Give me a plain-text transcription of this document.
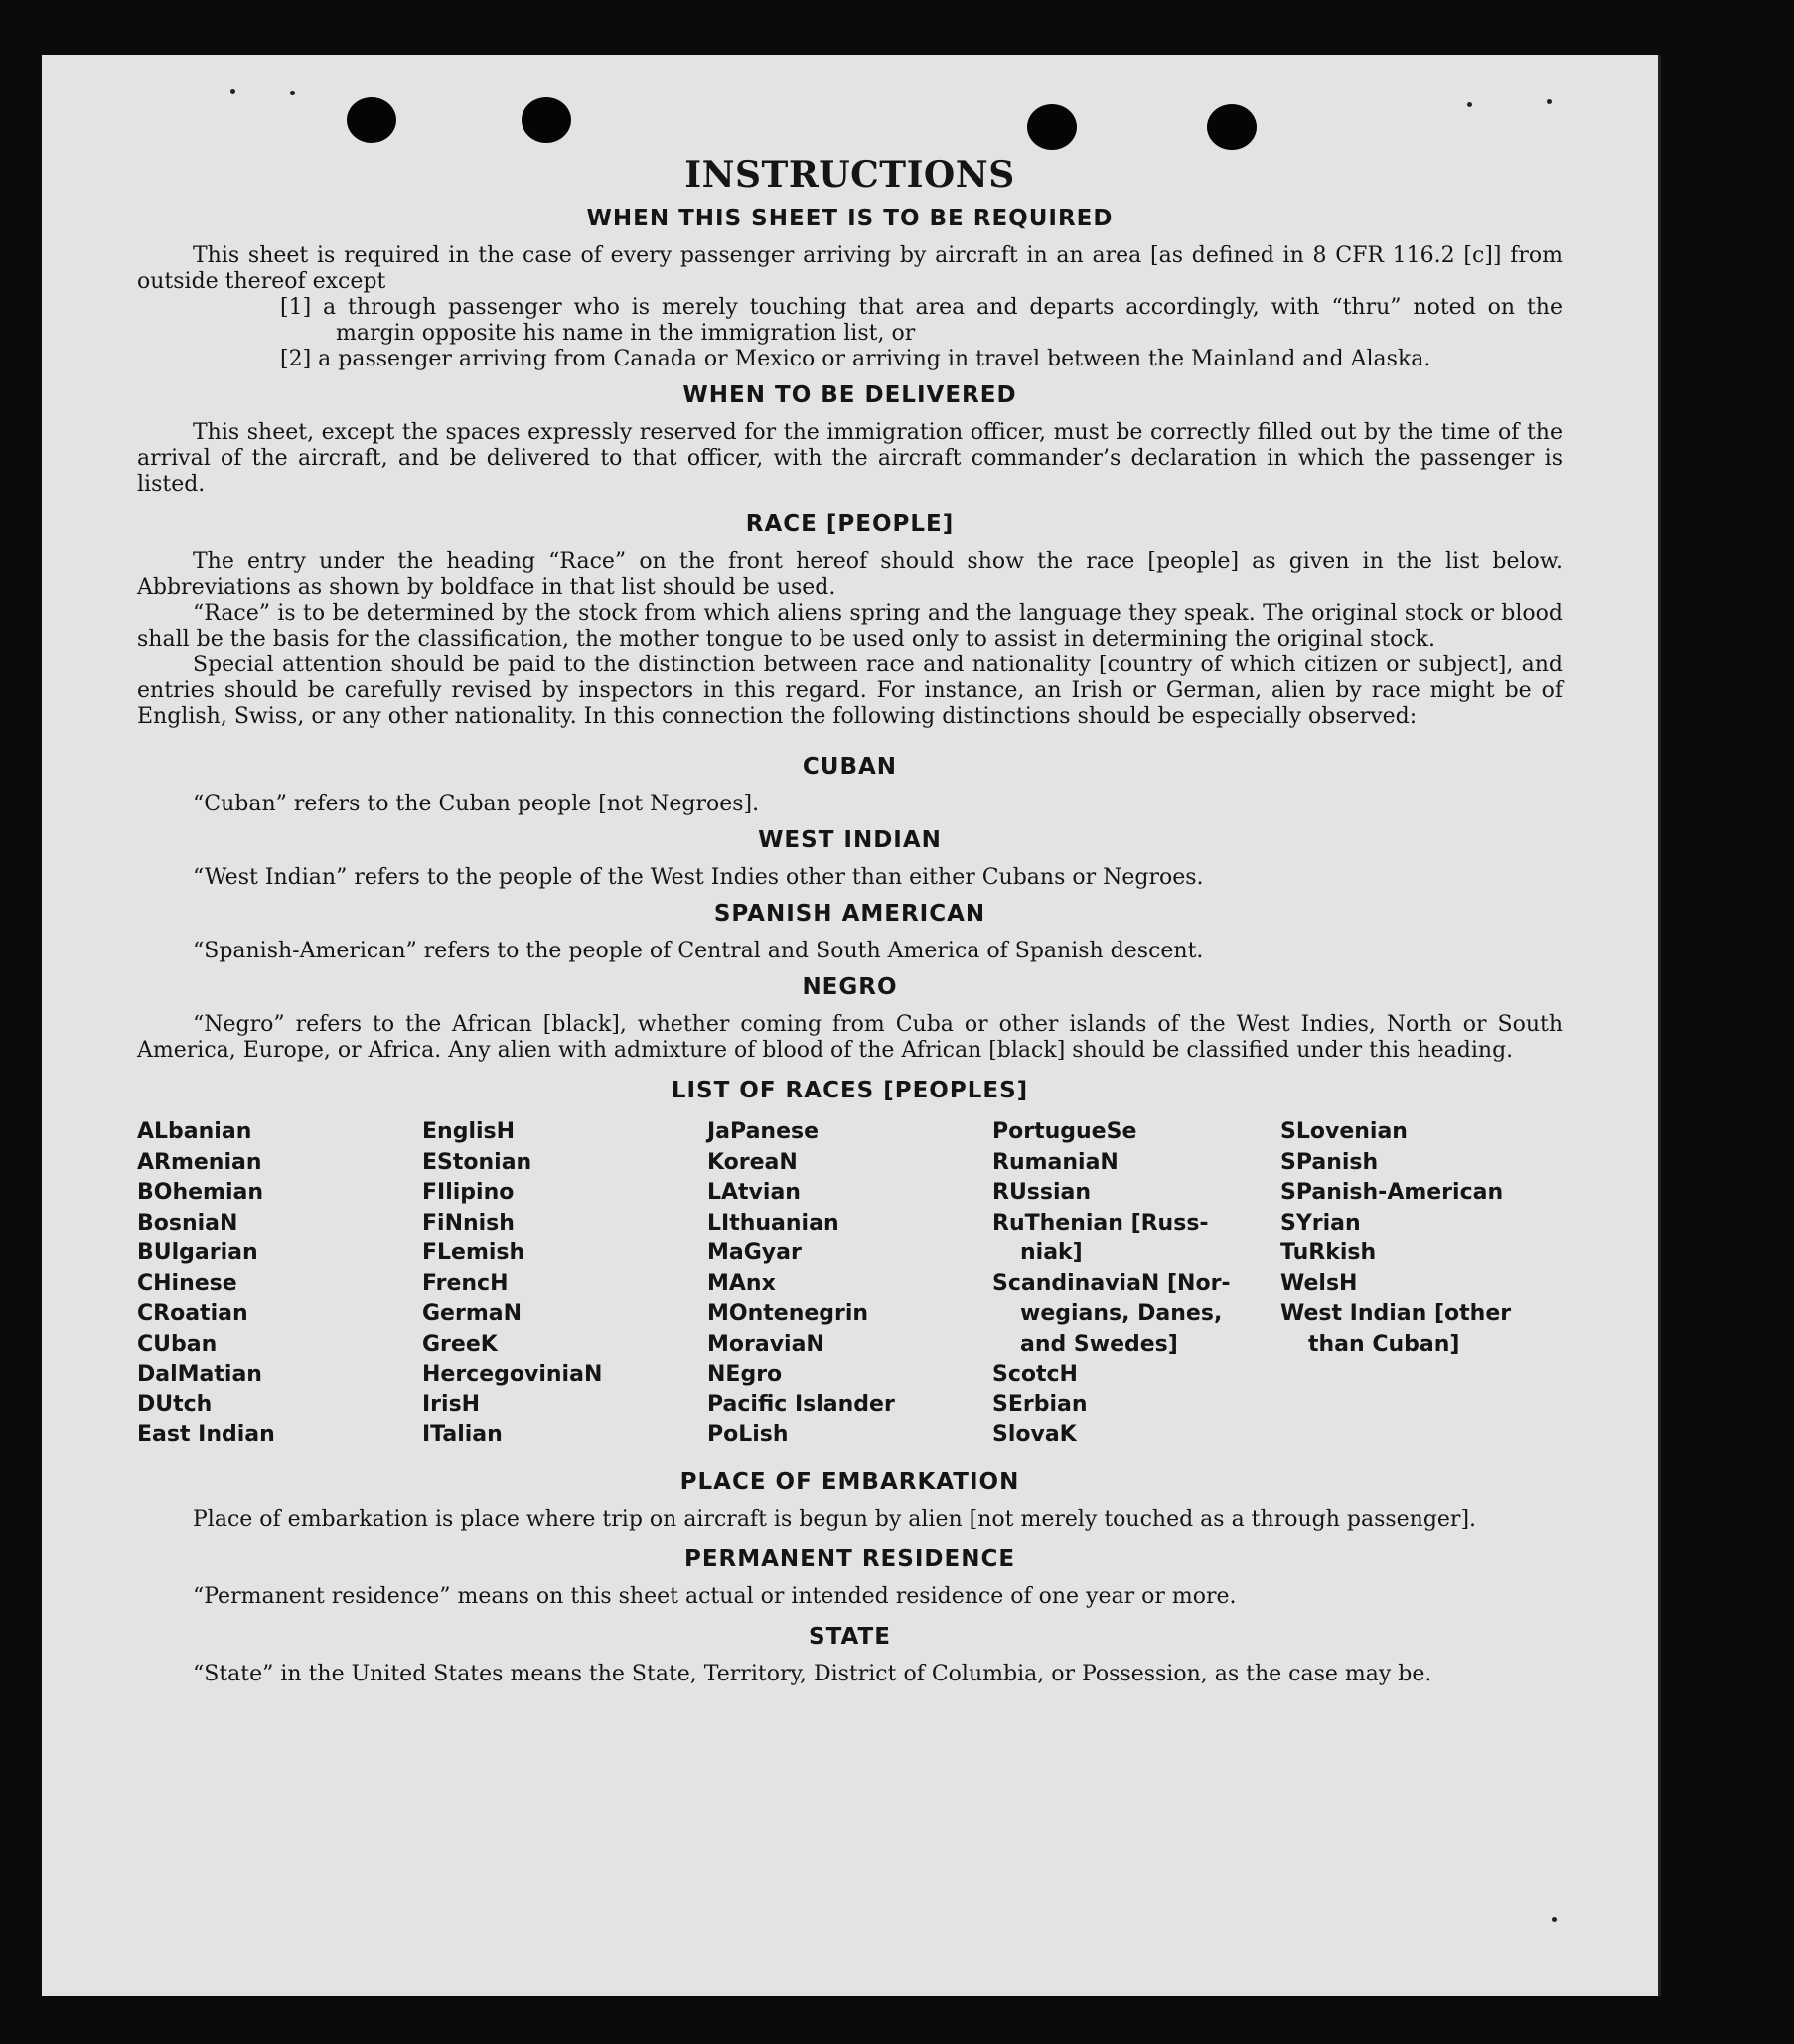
INSTRUCTIONS
WHEN THIS SHEET IS TO BE REQUIRED

This sheet is required in the case of every passenger arriving by aircraft in an area [as defined in 8 CFR 116.2 [c]] from outside thereof except

[1] a through passenger who is merely touching that area and departs accordingly, with “thru” noted on the margin opposite his name in the immigration list, or

[2] a passenger arriving from Canada or Mexico or arriving in travel between the Mainland and Alaska.

WHEN TO BE DELIVERED

This sheet, except the spaces expressly reserved for the immigration officer, must be correctly filled out by the time of the arrival of the aircraft, and be delivered to that officer, with the aircraft commander’s declaration in which the passenger is listed.

RACE [PEOPLE]

The entry under the heading “Race” on the front hereof should show the race [people] as given in the list below. Abbreviations as shown by boldface in that list should be used.

“Race” is to be determined by the stock from which aliens spring and the language they speak. The original stock or blood shall be the basis for the classification, the mother tongue to be used only to assist in determining the original stock.

Special attention should be paid to the distinction between race and nationality [country of which citizen or subject], and entries should be carefully revised by inspectors in this regard. For instance, an Irish or German, alien by race might be of English, Swiss, or any other nationality. In this connection the following distinctions should be especially observed:

CUBAN

“Cuban” refers to the Cuban people [not Negroes].

WEST INDIAN

“West Indian” refers to the people of the West Indies other than either Cubans or Negroes.

SPANISH AMERICAN

“Spanish-American” refers to the people of Central and South America of Spanish descent.

NEGRO

“Negro” refers to the African [black], whether coming from Cuba or other islands of the West Indies, North or South America, Europe, or Africa. Any alien with admixture of blood of the African [black] should be classified under this heading.

LIST OF RACES [PEOPLES]
ALbanian
ARmenian
BOhemian
BosniaN
BUlgarian
CHinese
CRoatian
CUban
DalMatian
DUtch
East Indian
EnglisH
EStonian
FIlipino
FiNnish
FLemish
FrencH
GermaN
GreeK
HercegovinіaN
IrisH
ITalian
JaPanese
KoreaN
LAtvian
LIthuanian
MaGyar
MAnx
MOntenegrin
MoraviaN
NEgro
Pacific Islander
PoLish
PortugueSe
RumaniaN
RUssian
RuThenian [Russ-
niak]
ScandinaviaN [Nor-
wegians, Danes,
and Swedes]
ScotcH
SErbian
SlovaK
SLovenian
SPanish
SPanish-American
SYrian
TuRkish
WelsH
West Indian [other
than Cuban]
PLACE OF EMBARKATION

Place of embarkation is place where trip on aircraft is begun by alien [not merely touched as a through passenger].

PERMANENT RESIDENCE

“Permanent residence” means on this sheet actual or intended residence of one year or more.

STATE

“State” in the United States means the State, Territory, District of Columbia, or Possession, as the case may be.
